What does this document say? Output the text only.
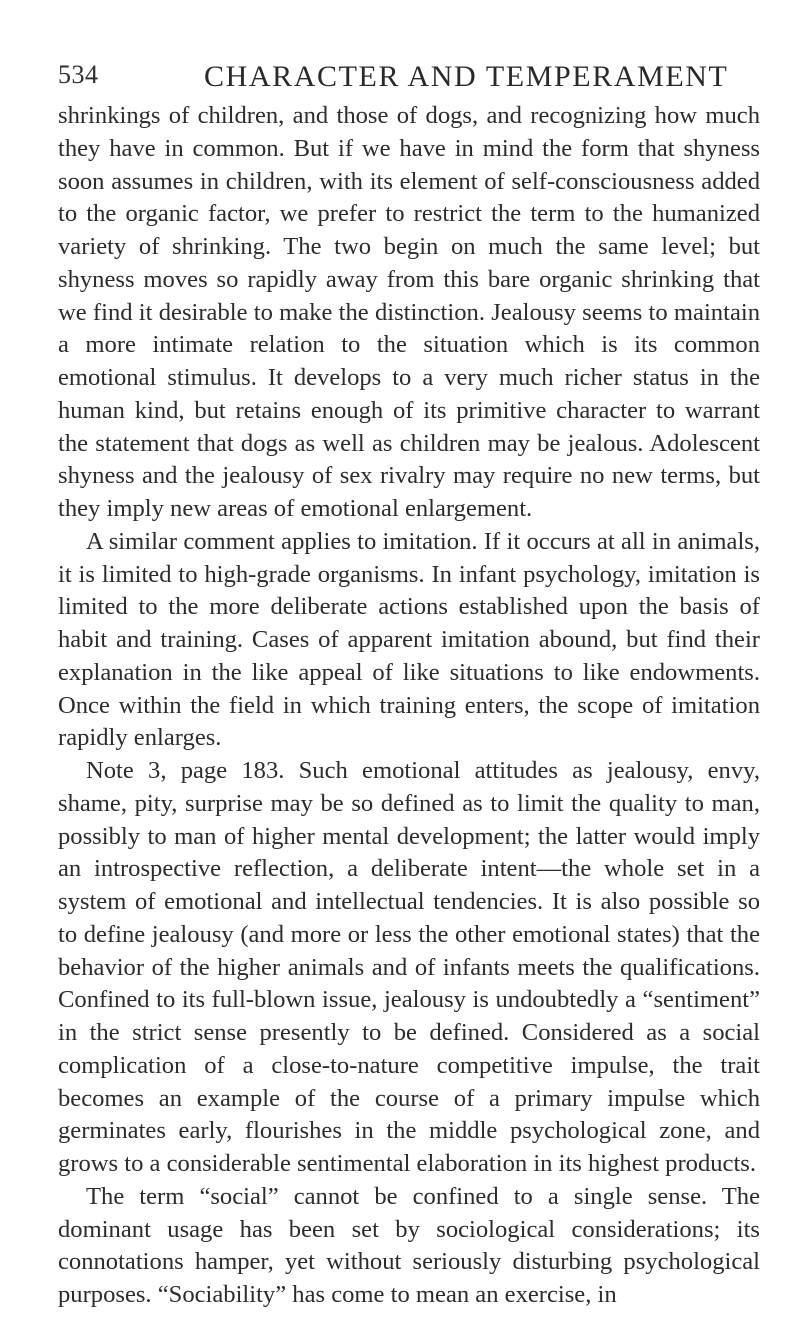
534	CHARACTER AND TEMPERAMENT

shrinkings of children, and those of dogs, and recognizing how much they have in common. But if we have in mind the form that shyness soon assumes in children, with its element of self-consciousness added to the organic factor, we prefer to restrict the term to the humanized variety of shrinking. The two begin on much the same level; but shyness moves so rapidly away from this bare organic shrinking that we find it desirable to make the distinction. Jealousy seems to maintain a more intimate relation to the situation which is its common emotional stimulus. It develops to a very much richer status in the human kind, but retains enough of its primitive character to warrant the statement that dogs as well as children may be jealous. Adolescent shyness and the jealousy of sex rivalry may require no new terms, but they imply new areas of emotional enlargement.

A similar comment applies to imitation. If it occurs at all in animals, it is limited to high-grade organisms. In infant psychology, imitation is limited to the more deliberate actions established upon the basis of habit and training. Cases of apparent imitation abound, but find their explanation in the like appeal of like situations to like endowments. Once within the field in which training enters, the scope of imitation rapidly enlarges.

Note 3, page 183. Such emotional attitudes as jealousy, envy, shame, pity, surprise may be so defined as to limit the quality to man, possibly to man of higher mental development; the latter would imply an introspective reflection, a deliberate intent—the whole set in a system of emotional and intellectual tendencies. It is also possible so to define jealousy (and more or less the other emotional states) that the behavior of the higher animals and of infants meets the qualifications. Confined to its full-blown issue, jealousy is undoubtedly a “sentiment” in the strict sense presently to be defined. Considered as a social complication of a close-to-nature competitive impulse, the trait becomes an example of the course of a primary impulse which germinates early, flourishes in the middle psychological zone, and grows to a considerable sentimental elaboration in its highest products.

The term “social” cannot be confined to a single sense. The dominant usage has been set by sociological considerations; its connotations hamper, yet without seriously disturbing psychological purposes. “Sociability” has come to mean an exercise, in
